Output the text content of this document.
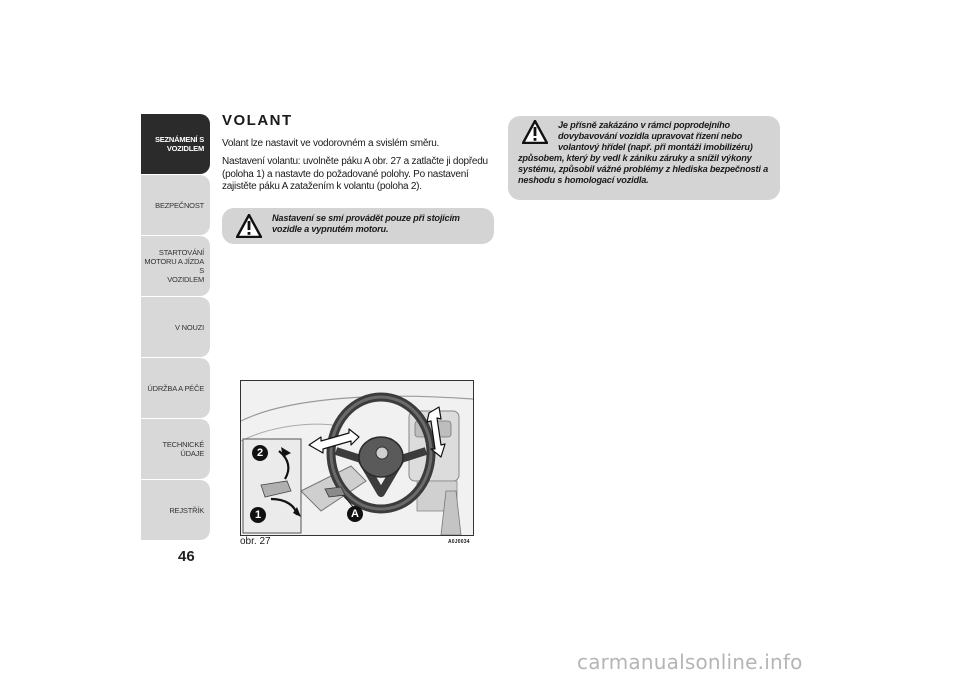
SEZNÁMENÍ S
VOZIDLEM
BEZPEČNOST
STARTOVÁNÍ
MOTORU A JÍZDA S
VOZIDLEM
V NOUZI
ÚDRŽBA A PÉČE
TECHNICKÉ ÚDAJE
REJSTŘÍK
46
VOLANT
Volant lze nastavit ve vodorovném a svislém směru.
Nastavení volantu: uvolněte páku A obr. 27 a zatlačte ji dopředu (poloha 1) a nastavte do požadované polohy. Po nastavení zajistěte páku A zatažením k volantu (poloha 2).
Nastavení se smí provádět pouze při stojícím vozidle a vypnutém motoru.
Je přísně zakázáno v rámci poprodejního dovybavování vozidla upravovat řízení nebo volantový hřídel (např. při montáži imobilizéru)
způsobem, který by vedl k zániku záruky a snížil výkony systému, způsobil vážné problémy z hlediska bezpečnosti a neshodu s homologací vozidla.
2
1	A
obr. 27	A0J0034
carmanualsonline.info
